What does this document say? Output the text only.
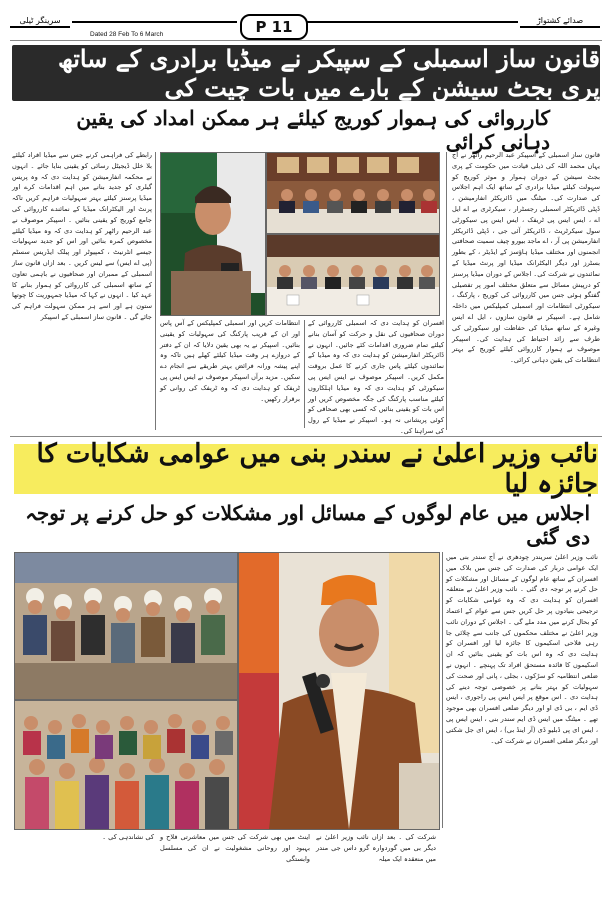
سرینگر ٹیلی	P 11	صدائے کشتواڑ
Dated 28 Feb To 6 March
قانون ساز اسمبلی کے سپیکر نے میڈیا برادری کے ساتھ پری بجٹ سیشن کے بارے میں بات چیت کی
کارروائی کی ہموار کوریج کیلئے ہر ممکن امداد کی یقین دہانی کرائی
قانون ساز اسمبلی کے اسپیکر عبد الرحیم راٹھر نے آج یہاں محمد اللہ کی ذیلی قیادت میں حکومت کے پری بجٹ سیشن کے دوران ہموار و موثر کوریج کو سہولت کیلئے میڈیا برادری کے ساتھ ایک اہم اجلاس کی صدارت کی۔ میٹنگ میں ڈائریکٹر انفارمیشن ، ڈپٹی ڈائریکٹر اسمبلی رجسٹرار ، سیکرٹری بے اے ایل اے ، ایس ایس پی ٹریفک ، ایس ایس پی سیکورٹی سول سیکرٹریٹ ، ڈائریکٹر آئی جی ، ڈپٹی ڈائریکٹر انفارمیشن پی آر ، اے ماجد بیورو چیف سمیت صحافتی انجمنوں اور مختلف میڈیا ہاؤسز کے ایڈیٹر ، کے بطور بسٹرز اور دیگر الیکٹرانک میڈیا اور پرنٹ میڈیا کے نمائندوں نے شرکت کی۔ اجلاس کے دوران میڈیا پرسنز کو درپیش مسائل سے متعلق مختلف امور پر تفصیلی گفتگو ہوئی جس میں کارروائی کی کوریج ، پارکنگ ، سیکورٹی انتظامات اور اسمبلی کمپلیکس میں داخلہ شامل ہے۔ اسپیکر نے قانون سازوں ، ایل اے ایس وغیرہ کے ساتھ میڈیا کی حفاظت اور سیکورٹی کی طرف سے زائد احتیاط کی ہدایت کی۔ اسپیکر موصوف نے ہموار کارروائی کیلئے کوریج کے بہتر انتظامات کی یقین دہانی کرائی۔
افسران کو ہدایت دی کہ اسمبلی کارروائی کے دوران صحافیوں کی نقل و حرکت کو آسان بنانے کیلئے تمام ضروری اقدامات کئے جائیں۔ انہوں نے ڈائریکٹر انفارمیشن کو ہدایت دی کہ وہ میڈیا کے نمائندوں کیلئے پاس جاری کرنے کا عمل بروقت مکمل کریں۔ اسپیکر موصوف نے ایس ایس پی سیکورٹی کو ہدایت دی کہ وہ میڈیا اہلکاروں کیلئے مناسب پارکنگ کی جگہ مخصوص کریں اور اس بات کو یقینی بنائیں کہ کسی بھی صحافی کو کوئی پریشانی نہ ہو۔ اسپیکر نے میڈیا کے رول کی سراہنا کی۔
انتظامات کریں اور اسمبلی کمپلیکس کے آس پاس اور ان کے قریب پارکنگ کی سہولیات کو یقینی بنائیں۔ اسپیکر نے یہ بھی یقین دلایا کہ ان کے دفتر کے دروازے ہر وقت میڈیا کیلئے کھلے ہیں تاکہ وہ اپنے پیشہ ورانہ فرائض بہتر طریقے سے انجام دے سکیں۔ مزید برآں اسپیکر موصوف نے ایس ایس پی ٹریفک کو ہدایت دی کہ وہ ٹریفک کی روانی کو برقرار رکھیں۔
رابطے کی فراہمی کرنے جس سے میڈیا افراد کیلئے بلا خلل ڈیجیٹل رسائی کو یقینی بنایا جائے ۔ انہوں نے محکمہ انفارمیشن کو ہدایت دی کہ وہ پریس گیلری کو جدید بنانے میں اہم اقدامات کرے اور میڈیا پرسنز کیلئے بہتر سہولیات فراہم کریں تاکہ پرنٹ اور الیکٹرانک میڈیا کے نمائندے کارروائی کی جامع کوریج کو یقینی بنائیں ۔ اسپیکر موصوف نے عبد الرحیم راٹھر کو ہدایت دی کہ وہ میڈیا کیلئے مخصوص کمرہ بنائیں اور اس کو جدید سہولیات جیسے انٹرنیٹ ، کمپیوٹر اور پبلک ایڈریس سسٹم (پی اے ایس) سے لیس کریں ۔ بعد ازاں قانون ساز اسمبلی کے ممبران اور صحافیوں نے باہمی تعاون کے ساتھ اسمبلی کی کارروائی کو ہموار بنانے کا عہد کیا ۔ انہوں نے کہا کہ میڈیا جمہوریت کا چوتھا ستون ہے اور اسے ہر ممکن سہولت فراہم کی جائے گی ۔ قانون ساز اسمبلی کے اسپیکر
نائب وزیر اعلیٰ نے سندر بنی میں عوامی شکایات کا جائزہ لیا
اجلاس میں عام لوگوں کے مسائل اور مشکلات کو حل کرنے پر توجہ دی گئی
نائب وزیر اعلیٰ سریندر چودھری نے آج سندر بنی میں ایک عوامی دربار کی صدارت کی جس میں بلاک میں افسران کے ساتھ عام لوگوں کے مسائل اور مشکلات کو حل کرنے پر توجہ دی گئی ۔ نائب وزیر اعلیٰ نے متعلقہ افسران کو ہدایت دی کہ وہ عوامی شکایات کو ترجیحی بنیادوں پر حل کریں جس سے عوام کے اعتماد کو بحال کرنے میں مدد ملے گی ۔ اجلاس کے دوران نائب وزیر اعلیٰ نے مختلف محکموں کی جانب سے چلائی جا رہی فلاحی اسکیموں کا جائزہ لیا اور افسران کو ہدایت دی کہ وہ اس بات کو یقینی بنائیں کہ ان اسکیموں کا فائدہ مستحق افراد تک پہنچے ۔ انہوں نے ضلعی انتظامیہ کو سڑکوں ، بجلی ، پانی اور صحت کی سہولیات کو بہتر بنانے پر خصوصی توجہ دینے کی ہدایت دی ۔ اس موقع پر ایس ایس پی راجوری ، ایس ڈی ایم ، بی ڈی او اور دیگر ضلعی افسران بھی موجود تھے ۔ میٹنگ میں ایس ڈی ایم سندر بنی ، ایس ایس پی ، ایس ای پی ڈبلیو ڈی (آر اینڈ بی) ، ایس ای جل شکتی اور دیگر ضلعی افسران نے شرکت کی۔
شرکت کی ۔ بعد ازاں نائب وزیر اعلیٰ نے دیگر بی میں گوردوارہ گرو داس جی مندر میں منعقدہ ایک میلہ
اینٹ میں بھی شرکت کی جس میں معاشرتی فلاح و بہبود اور روحانی مشغولیت نے ان کی مسلسل وابستگی
کی نشاندہی کی ۔
